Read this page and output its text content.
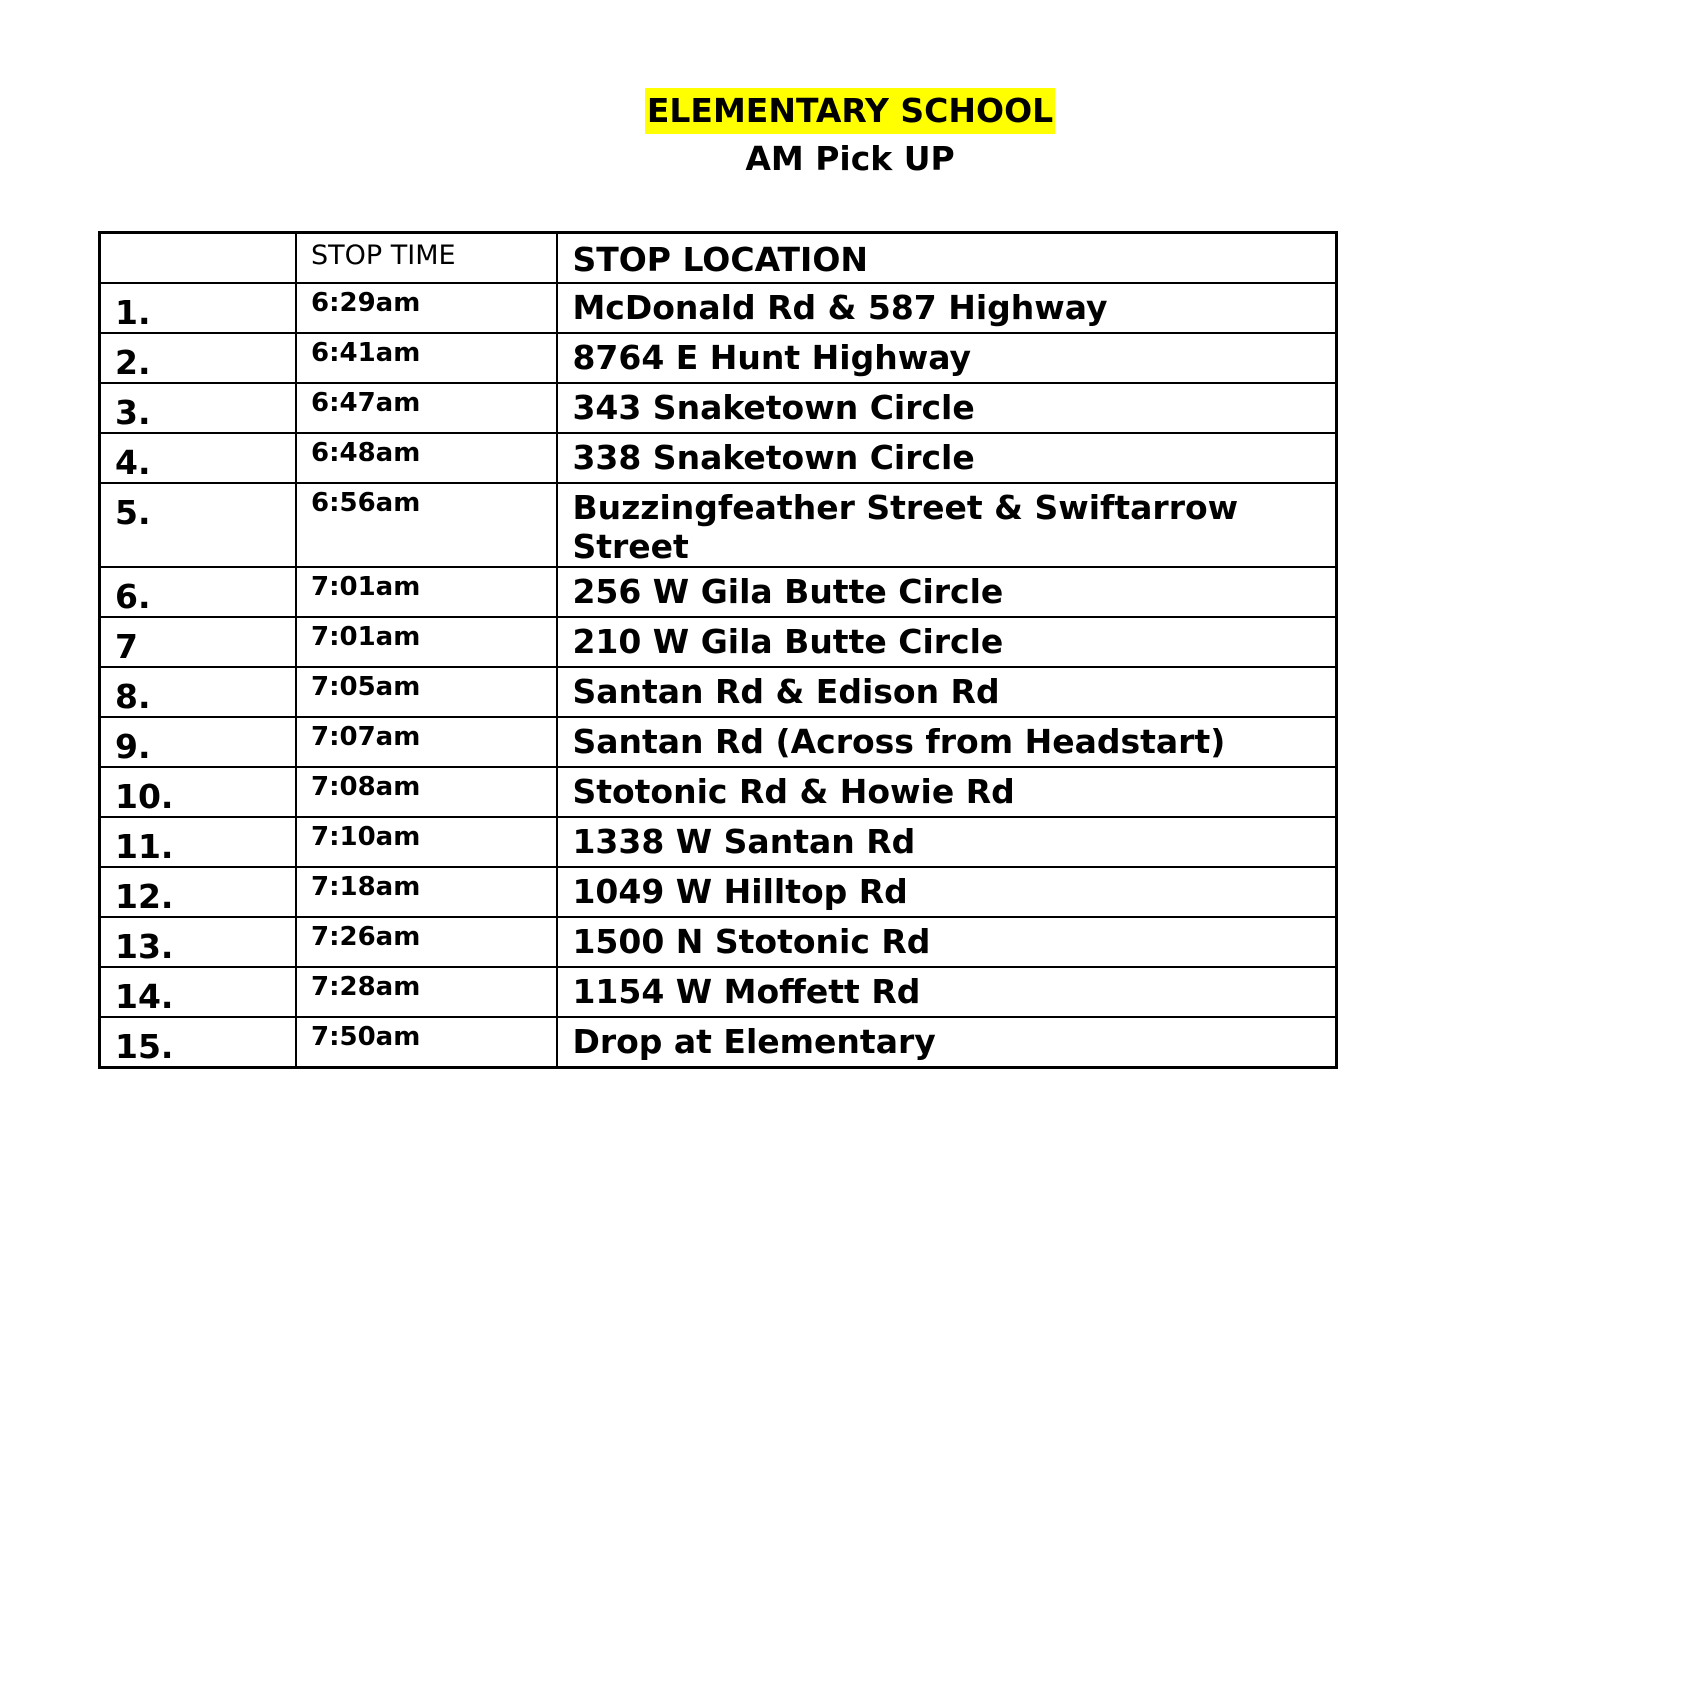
ELEMENTARY SCHOOL
AM Pick UP
	STOP TIME	STOP LOCATION
1.	6:29am	McDonald Rd & 587 Highway
2.	6:41am	8764 E Hunt Highway
3.	6:47am	343 Snaketown Circle
4.	6:48am	338 Snaketown Circle
5.	6:56am	Buzzingfeather Street & Swiftarrow Street
6.	7:01am	256 W Gila Butte Circle
7	7:01am	210 W Gila Butte Circle
8.	7:05am	Santan Rd & Edison Rd
9.	7:07am	Santan Rd (Across from Headstart)
10.	7:08am	Stotonic Rd & Howie Rd
11.	7:10am	1338 W Santan Rd
12.	7:18am	1049 W Hilltop Rd
13.	7:26am	1500 N Stotonic Rd
14.	7:28am	1154 W Moffett Rd
15.	7:50am	Drop at Elementary
